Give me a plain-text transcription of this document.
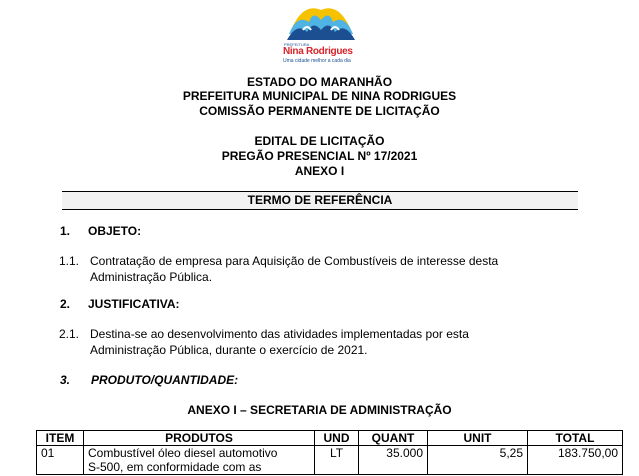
PREFEITURA
Nina Rodrigues
Uma cidade melhor a cada dia
ESTADO DO MARANHÃO
PREFEITURA MUNICIPAL DE NINA RODRIGUES
COMISSÃO PERMANENTE DE LICITAÇÃO
EDITAL DE LICITAÇÃO
PREGÃO PRESENCIAL Nº 17/2021
ANEXO I
TERMO DE REFERÊNCIA
1. OBJETO:
1.1. Contratação de empresa para Aquisição de Combustíveis de interesse desta
Administração Pública.
2. JUSTIFICATIVA:
2.1. Destina-se ao desenvolvimento das atividades implementadas por esta
Administração Pública, durante o exercício de 2021.
3. PRODUTO/QUANTIDADE:
ANEXO I – SECRETARIA DE ADMINISTRAÇÃO
ITEM	PRODUTOS	UND	QUANT	UNIT	TOTAL
01	Combustível óleo diesel automotivo
S-500, em conformidade com as	LT	35.000	5,25	183.750,00
